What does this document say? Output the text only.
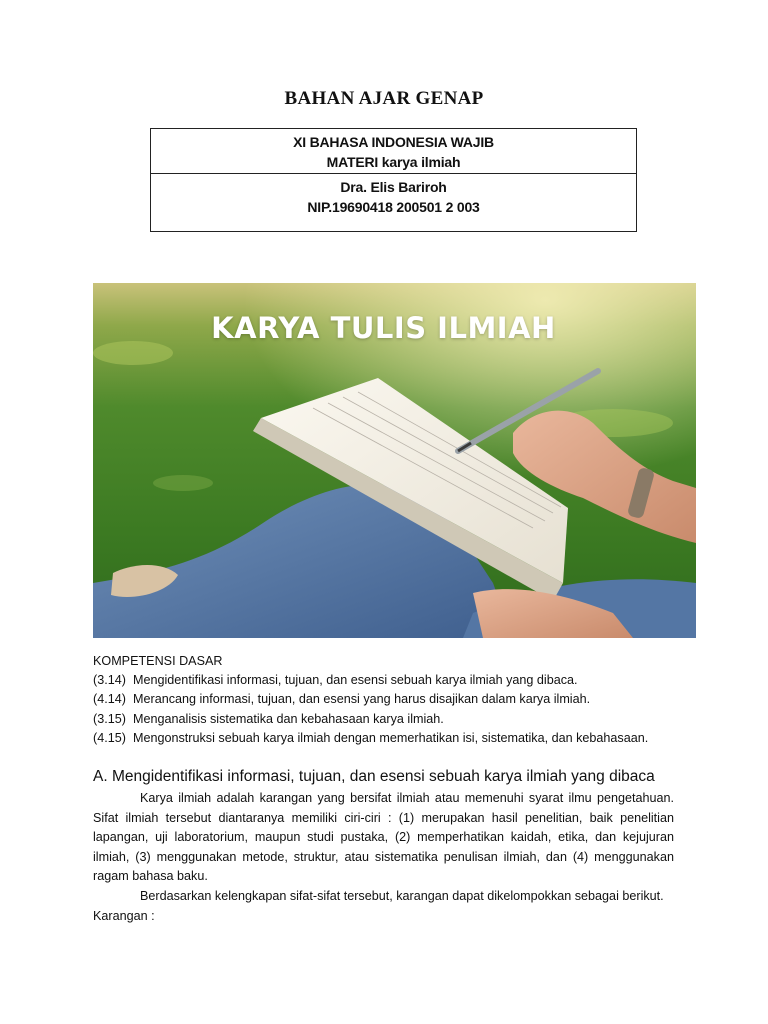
BAHAN AJAR GENAP
XI BAHASA INDONESIA WAJIB
MATERI karya ilmiah
Dra. Elis Bariroh
NIP.19690418 200501 2 003
KARYA TULIS ILMIAH
KOMPETENSI DASAR
(3.14) Mengidentifikasi informasi, tujuan, dan esensi sebuah karya ilmiah yang dibaca.
(4.14) Merancang informasi, tujuan, dan esensi yang harus disajikan dalam karya ilmiah.
(3.15) Menganalisis sistematika dan kebahasaan karya ilmiah.
(4.15) Mengonstruksi sebuah karya ilmiah dengan memerhatikan isi, sistematika, dan kebahasaan.
A. Mengidentifikasi informasi, tujuan, dan esensi sebuah karya ilmiah yang dibaca

Karya ilmiah adalah karangan yang bersifat ilmiah atau memenuhi syarat ilmu pengetahuan. Sifat ilmiah tersebut diantaranya memiliki ciri-ciri : (1) merupakan hasil penelitian, baik penelitian lapangan, uji laboratorium, maupun studi pustaka, (2) memperhatikan kaidah, etika, dan kejujuran ilmiah, (3) menggunakan metode, struktur, atau sistematika penulisan ilmiah, dan (4) menggunakan ragam bahasa baku.

Berdasarkan kelengkapan sifat-sifat tersebut, karangan dapat dikelompokkan sebagai berikut.

Karangan :
